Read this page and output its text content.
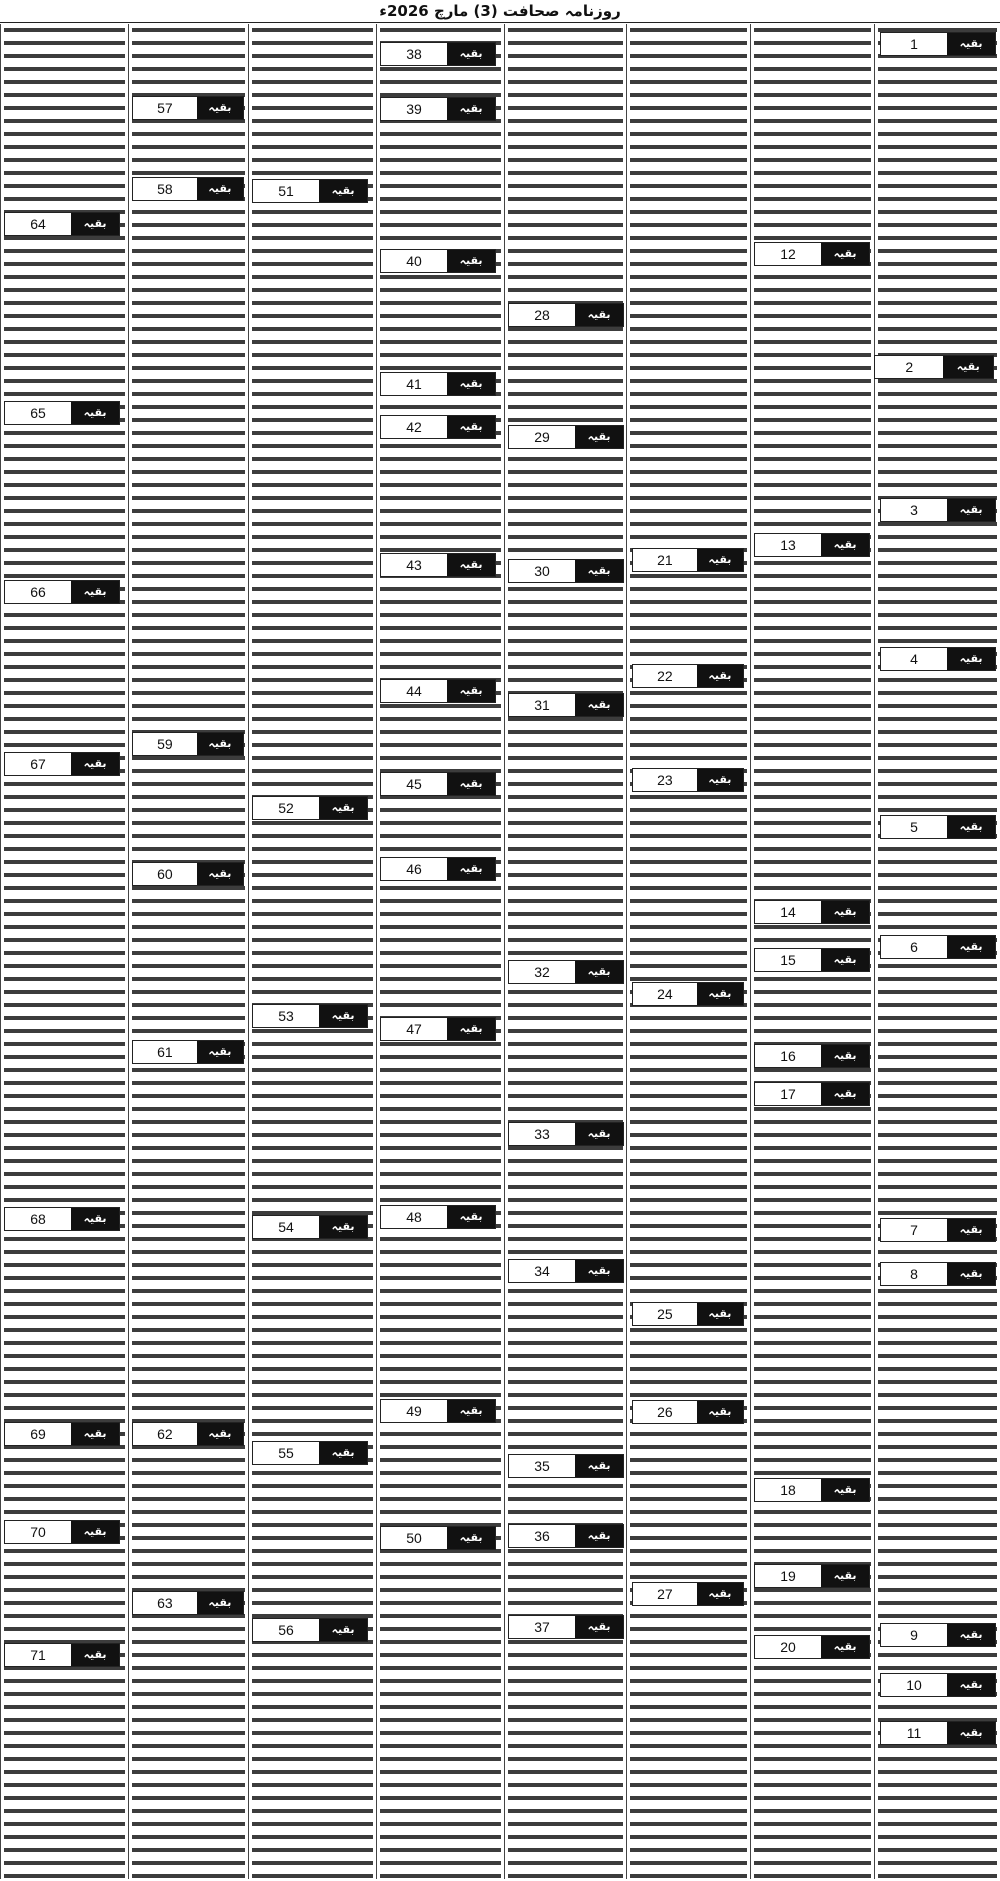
روزنامہ صحافت (3) مارچ 2026ء
1	بقیہ
2	بقیہ
3	بقیہ
4	بقیہ
5	بقیہ
6	بقیہ
7	بقیہ
8	بقیہ
9	بقیہ
10	بقیہ
11	بقیہ
12	بقیہ
13	بقیہ
14	بقیہ
15	بقیہ
16	بقیہ
17	بقیہ
18	بقیہ
19	بقیہ
20	بقیہ
21	بقیہ
22	بقیہ
23	بقیہ
24	بقیہ
25	بقیہ
26	بقیہ
27	بقیہ
28	بقیہ
29	بقیہ
30	بقیہ
31	بقیہ
32	بقیہ
33	بقیہ
34	بقیہ
35	بقیہ
36	بقیہ
37	بقیہ
38	بقیہ
39	بقیہ
40	بقیہ
41	بقیہ
42	بقیہ
43	بقیہ
44	بقیہ
45	بقیہ
46	بقیہ
47	بقیہ
48	بقیہ
49	بقیہ
50	بقیہ
51	بقیہ
52	بقیہ
53	بقیہ
54	بقیہ
55	بقیہ
56	بقیہ
57	بقیہ
58	بقیہ
59	بقیہ
60	بقیہ
61	بقیہ
62	بقیہ
63	بقیہ
64	بقیہ
65	بقیہ
66	بقیہ
67	بقیہ
68	بقیہ
69	بقیہ
70	بقیہ
71	بقیہ
